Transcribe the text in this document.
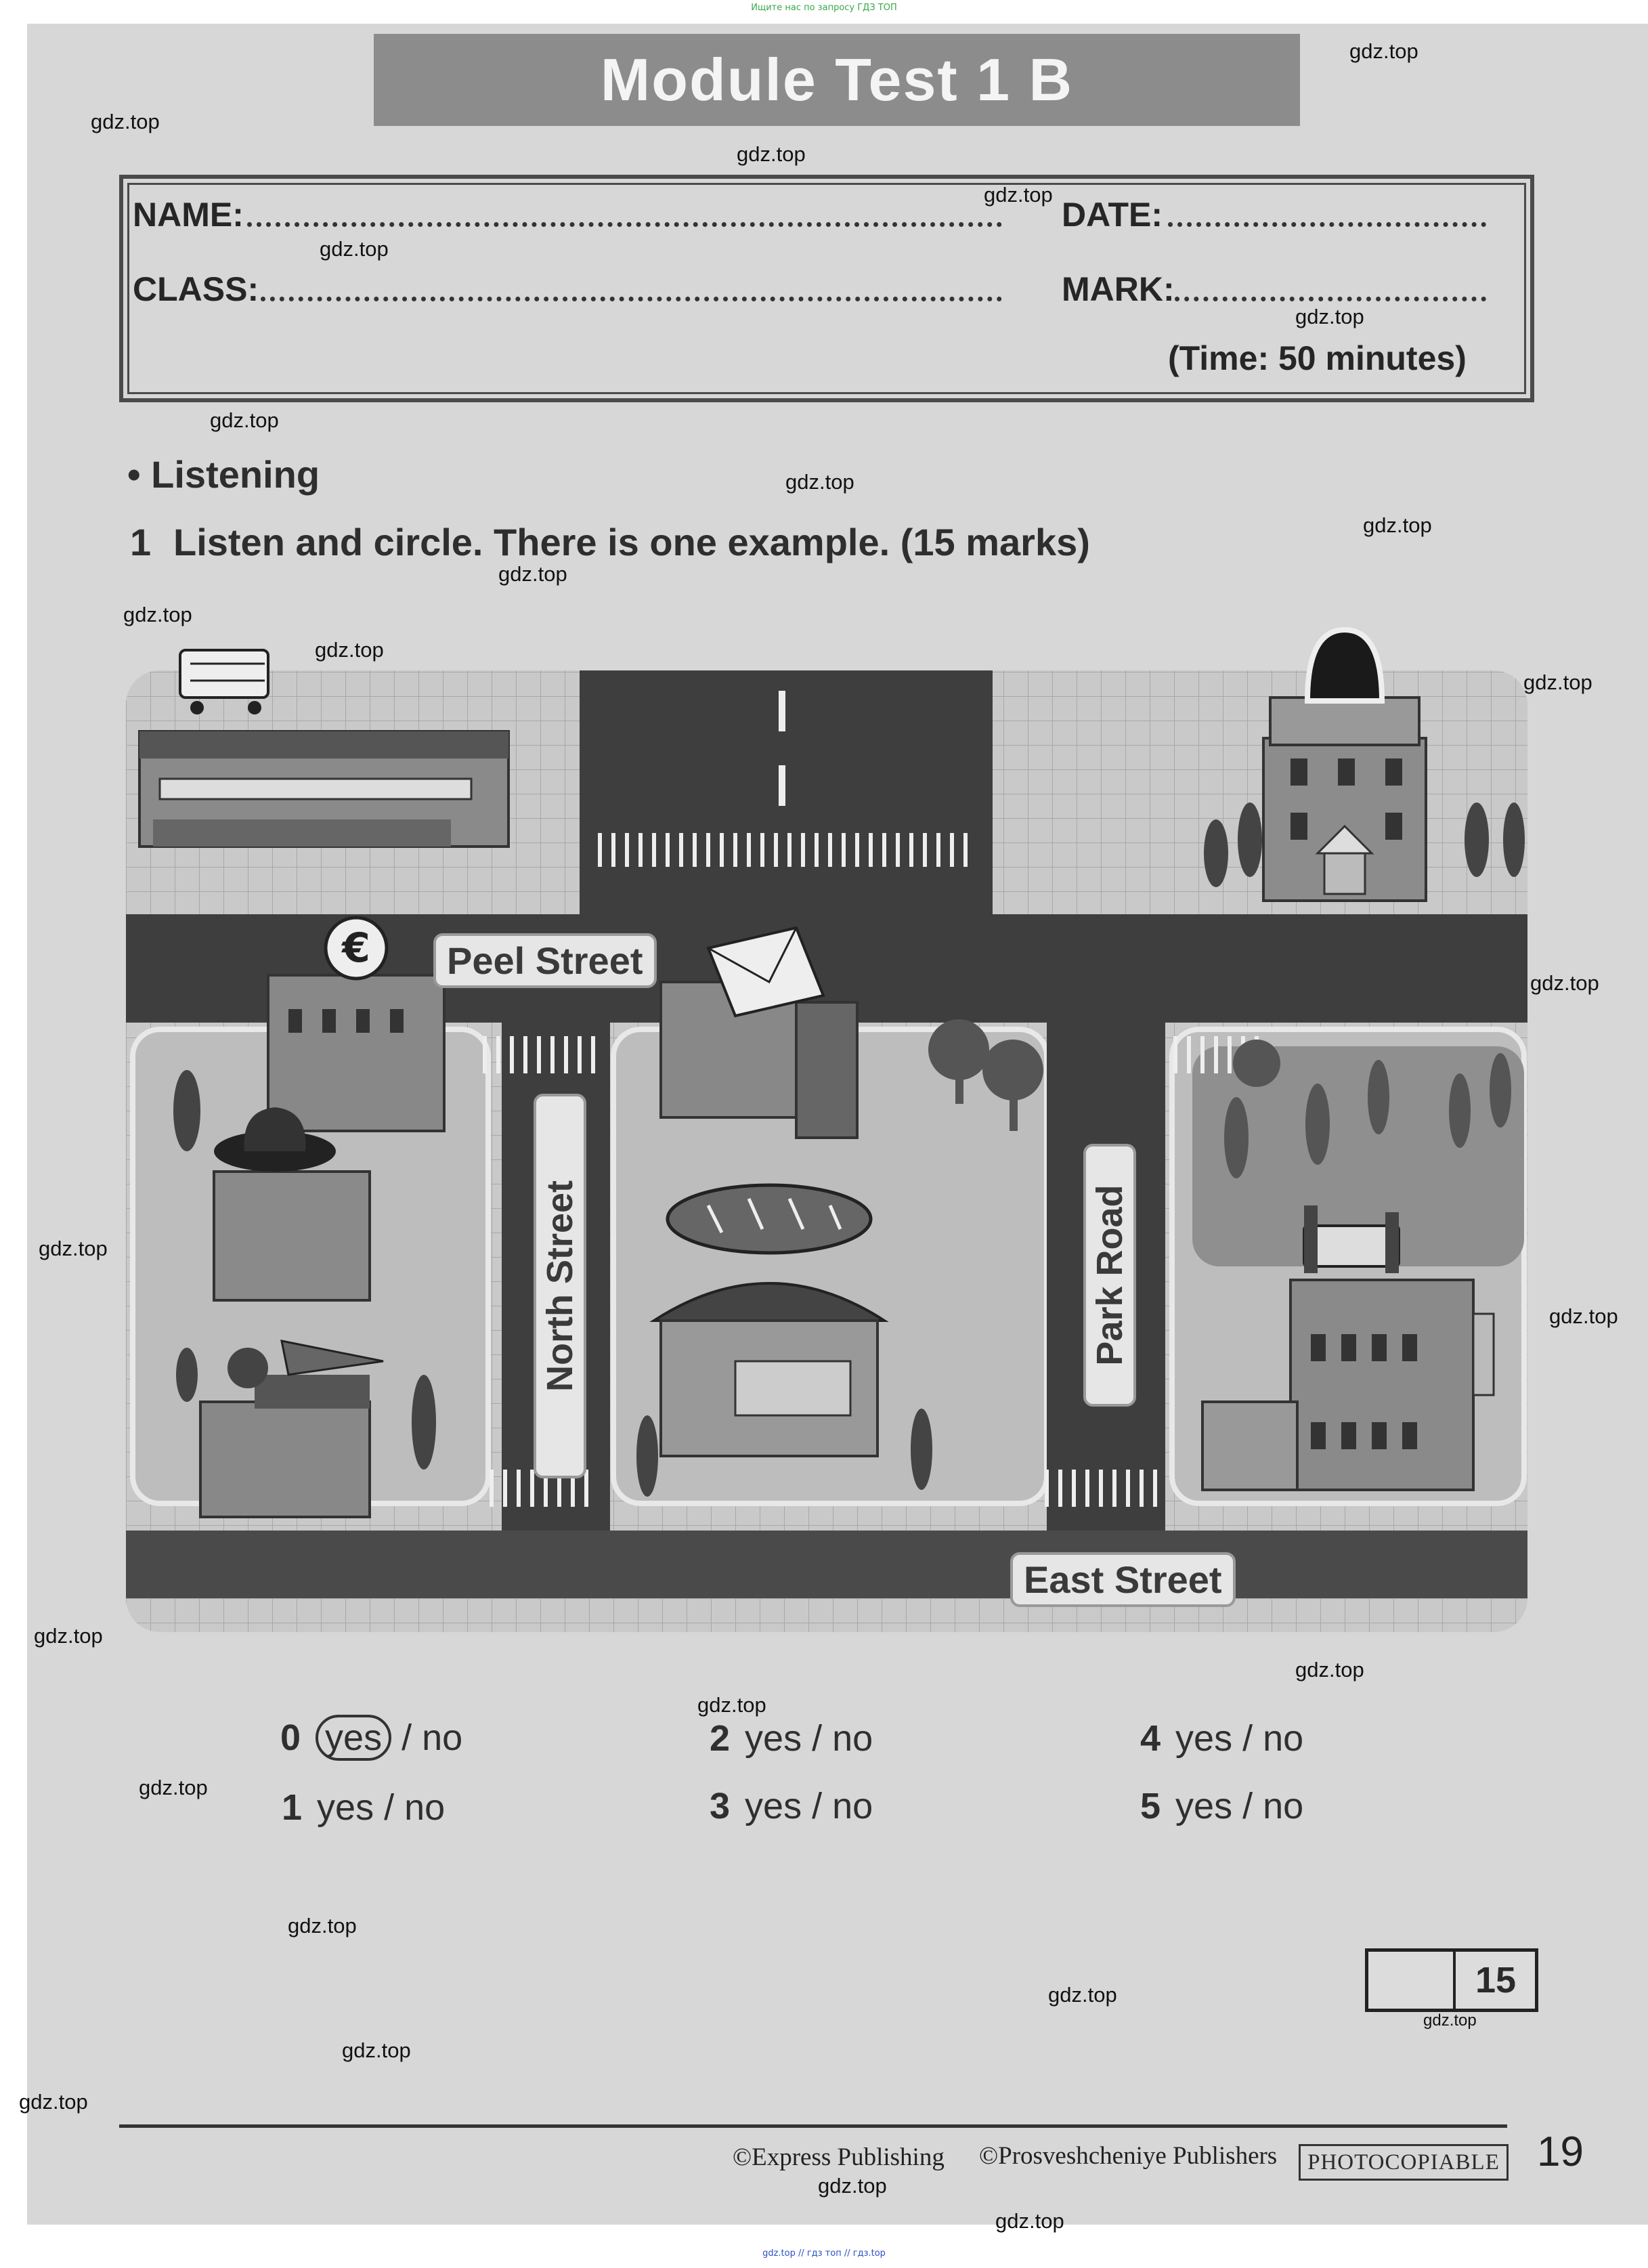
Ищите нас по запросу ГДЗ ТОП
Module Test 1 B
NAME:	DATE:
CLASS:	MARK:
(Time: 50 minutes)
• Listening
1 Listen and circle. There is one example. (15 marks)
€	Peel Street
North Street	Park Road
East Street
0 yes / no
1 yes / no
2 yes / no
3 yes / no
4 yes / no
5 yes / no
15
©Express Publishing ©Prosveshcheniye Publishers	PHOTOCOPIABLE 19
gdz.top
gdz.top
gdz.top
gdz.top
gdz.top
gdz.top
gdz.top
gdz.top
gdz.top
gdz.top
gdz.top
gdz.top
gdz.top
gdz.top
gdz.top
gdz.top
gdz.top
gdz.top
gdz.top
gdz.top
gdz.top
gdz.top
gdz.top
gdz.top
gdz.top
gdz.top
gdz.top
gdz.top // гдз топ // гдз.top
